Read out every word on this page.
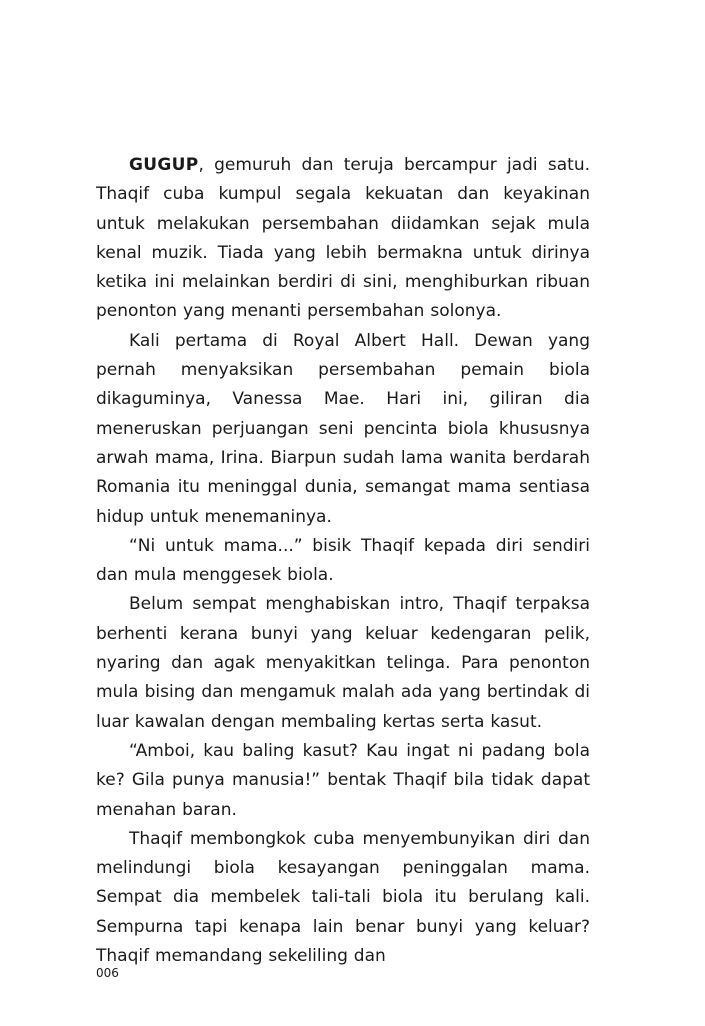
GUGUP, gemuruh dan teruja bercampur jadi satu. Thaqif cuba kumpul segala kekuatan dan keyakinan untuk melakukan persembahan diidamkan sejak mula kenal muzik. Tiada yang lebih bermakna untuk dirinya ketika ini melainkan berdiri di sini, menghiburkan ribuan penonton yang menanti persembahan solonya.

Kali pertama di Royal Albert Hall. Dewan yang pernah menyaksikan persembahan pemain biola dikaguminya, Vanessa Mae. Hari ini, giliran dia meneruskan perjuangan seni pencinta biola khususnya arwah mama, Irina. Biarpun sudah lama wanita berdarah Romania itu meninggal dunia, semangat mama sentiasa hidup untuk menemaninya.

“Ni untuk mama...” bisik Thaqif kepada diri sendiri dan mula menggesek biola.

Belum sempat menghabiskan intro, Thaqif terpaksa berhenti kerana bunyi yang keluar kedengaran pelik, nyaring dan agak menyakitkan telinga. Para penonton mula bising dan mengamuk malah ada yang bertindak di luar kawalan dengan membaling kertas serta kasut.

“Amboi, kau baling kasut? Kau ingat ni padang bola ke? Gila punya manusia!” bentak Thaqif bila tidak dapat menahan baran.

Thaqif membongkok cuba menyembunyikan diri dan melindungi biola kesayangan peninggalan mama. Sempat dia membelek tali-tali biola itu berulang kali. Sempurna tapi kenapa lain benar bunyi yang keluar? Thaqif memandang sekeliling dan

006
